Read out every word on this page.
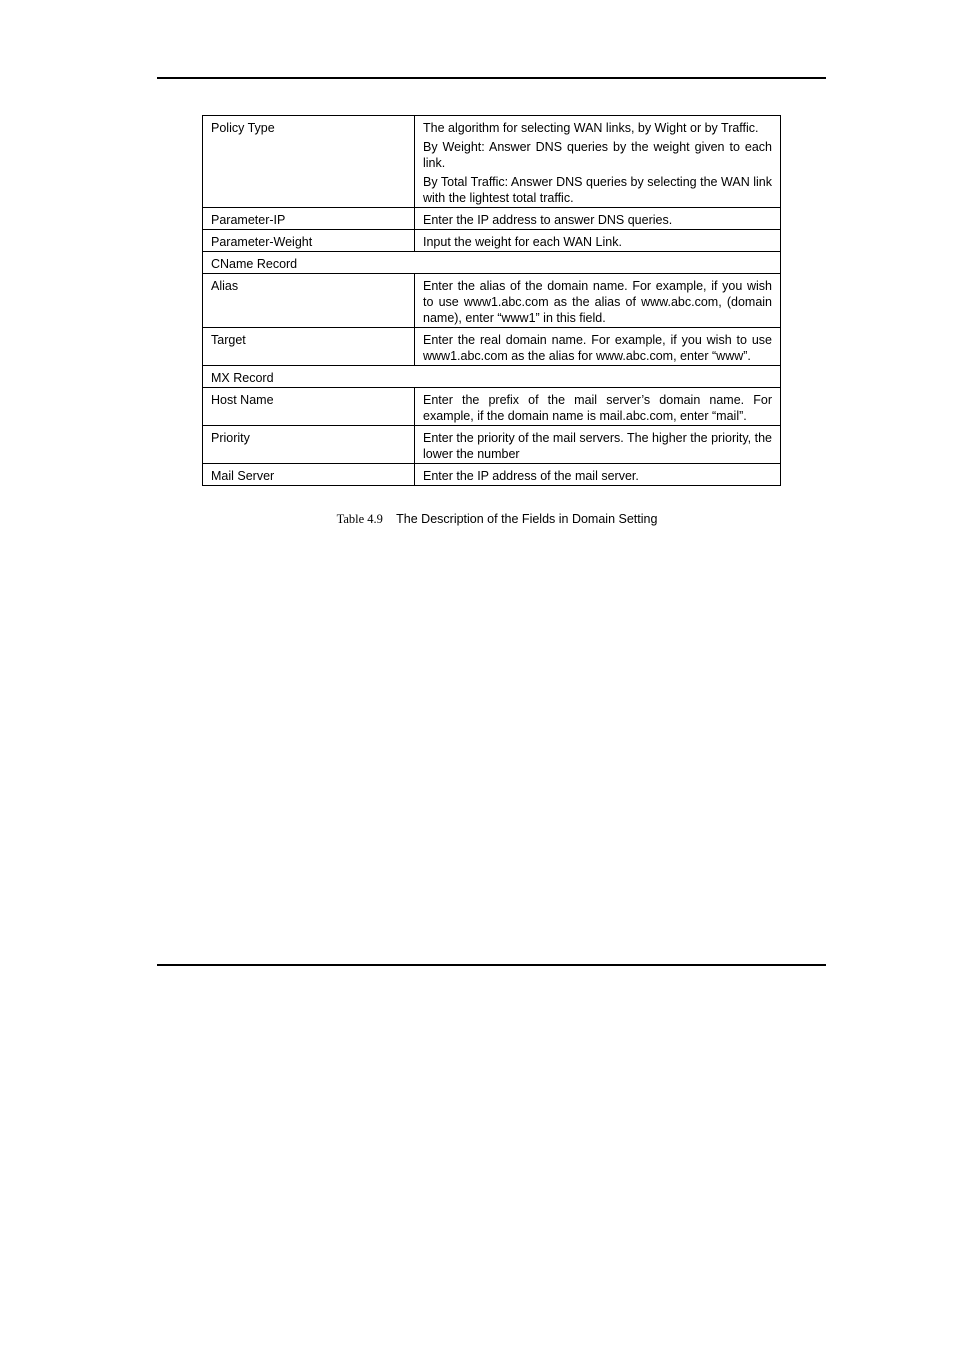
Policy Type	The algorithm for selecting WAN links, by Wight or by Traffic.

By Weight: Answer DNS queries by the weight given to each link.

By Total Traffic: Answer DNS queries by selecting the WAN link with the lightest total traffic.

Parameter-IP	Enter the IP address to answer DNS queries.

Parameter-Weight	Input the weight for each WAN Link.

CName Record	
Alias	Enter the alias of the domain name. For example, if you wish to use www1.abc.com as the alias of www.abc.com, (domain name), enter “www1” in this field.

Target	Enter the real domain name. For example, if you wish to use www1.abc.com as the alias for www.abc.com, enter “www”.

MX Record	
Host Name	Enter the prefix of the mail server’s domain name. For example, if the domain name is mail.abc.com, enter “mail”.

Priority	Enter the priority of the mail servers. The higher the priority, the lower the number

Mail Server	Enter the IP address of the mail server.

Table 4.9 The Description of the Fields in Domain Setting
